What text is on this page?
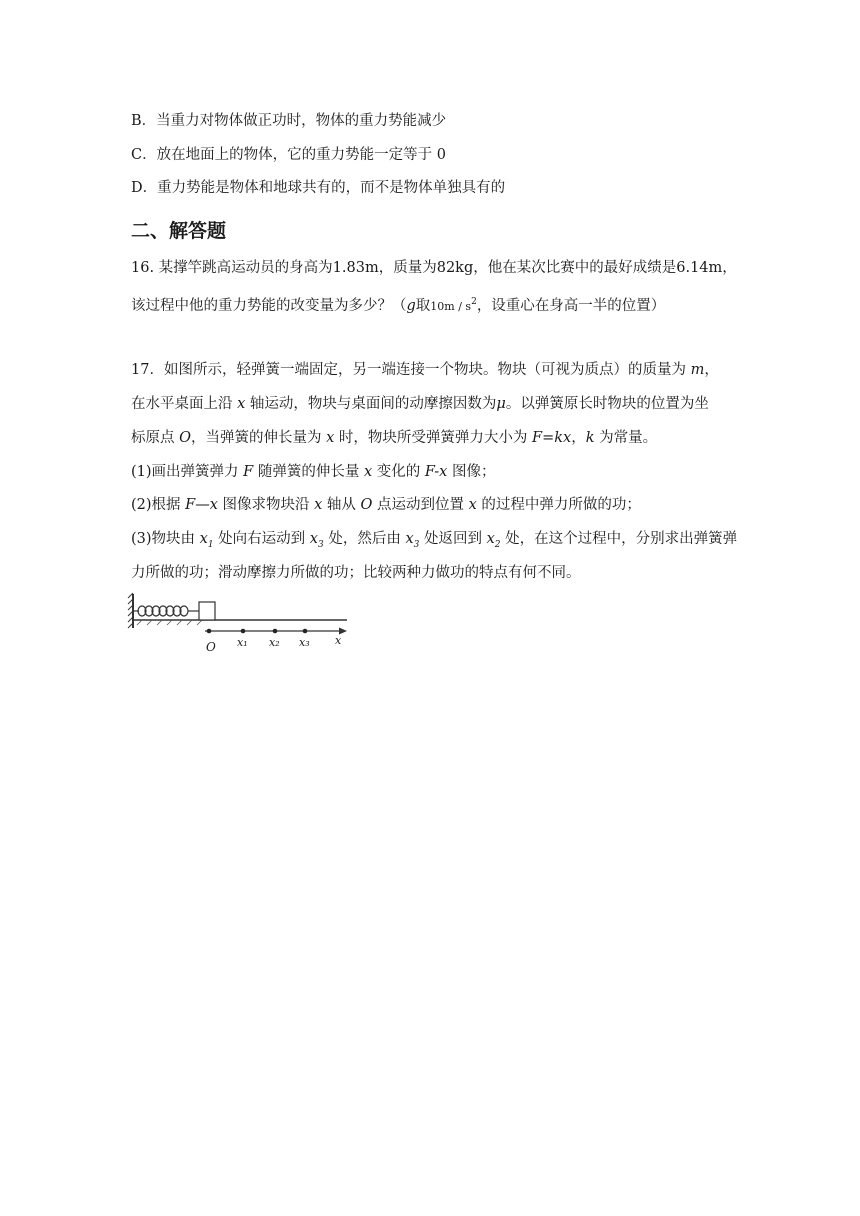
B．当重力对物体做正功时，物体的重力势能减少
C．放在地面上的物体，它的重力势能一定等于 0
D．重力势能是物体和地球共有的，而不是物体单独具有的
二、解答题
16. 某撑竿跳高运动员的身高为1.83m，质量为82kg，他在某次比赛中的最好成绩是6.14m，
该过程中他的重力势能的改变量为多少？（g取$10m / s^2$，设重心在身高一半的位置）
17．如图所示，轻弹簧一端固定，另一端连接一个物块。物块（可视为质点）的质量为 m，
在水平桌面上沿 x 轴运动，物块与桌面间的动摩擦因数为μ。以弹簧原长时物块的位置为坐
标原点 O，当弹簧的伸长量为 x 时，物块所受弹簧弹力大小为 F=kx，k 为常量。
(1)画出弹簧弹力 F 随弹簧的伸长量 x 变化的 F-x 图像；
(2)根据 F—x 图像求物块沿 x 轴从 O 点运动到位置 x 的过程中弹力所做的功；
(3)物块由 $x_1$ 处向右运动到 $x_3$ 处，然后由 $x_3$ 处返回到 $x_2$ 处，在这个过程中，分别求出弹簧弹
力所做的功；滑动摩擦力所做的功；比较两种力做功的特点有何不同。
O x₁ x₂ x₃ x
